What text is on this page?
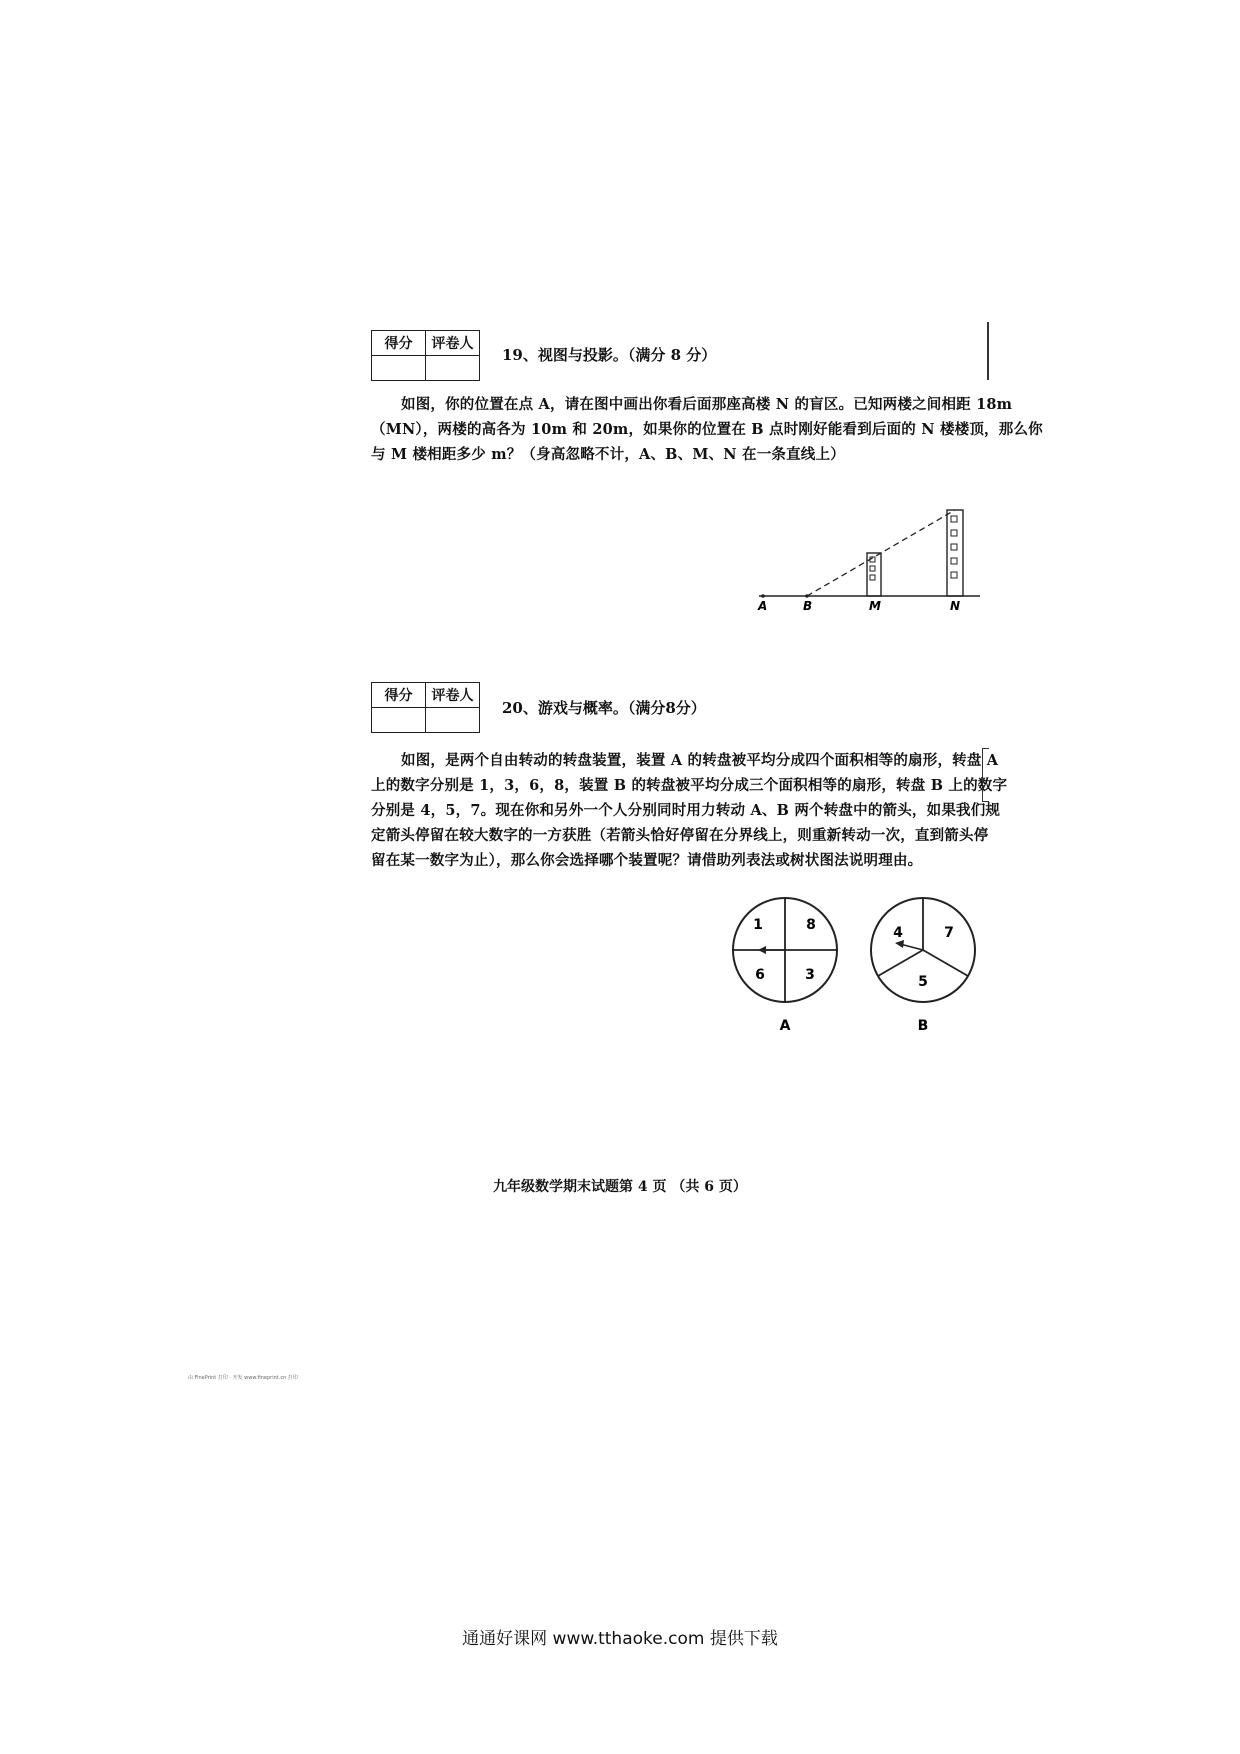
得分	评卷人

19、视图与投影。（满分 8 分）

如图，你的位置在点 A，请在图中画出你看后面那座高楼 N 的盲区。已知两楼之间相距 18m

（MN），两楼的高各为 10m 和 20m，如果你的位置在 B 点时刚好能看到后面的 N 楼楼顶，那么你

与 M 楼相距多少 m？（身高忽略不计，A、B、M、N 在一条直线上）

A	B	M	N
得分	评卷人

20、游戏与概率。（满分8分）

如图，是两个自由转动的转盘装置，装置 A 的转盘被平均分成四个面积相等的扇形，转盘 A

上的数字分别是 1，3，6，8，装置 B 的转盘被平均分成三个面积相等的扇形，转盘 B 上的数字

分别是 4，5，7。现在你和另外一个人分别同时用力转动 A、B 两个转盘中的箭头，如果我们规

定箭头停留在较大数字的一方获胜（若箭头恰好停留在分界线上，则重新转动一次，直到箭头停

留在某一数字为止），那么你会选择哪个装置呢？请借助列表法或树状图法说明理由。

1	8
6	3
A
4	7
5
B
九年级数学期末试题第 4 页 （共 6 页）
由 FinePrint 打印 · 开发 www.fineprint.cn 打印
通通好课网 www.tthaoke.com 提供下载
